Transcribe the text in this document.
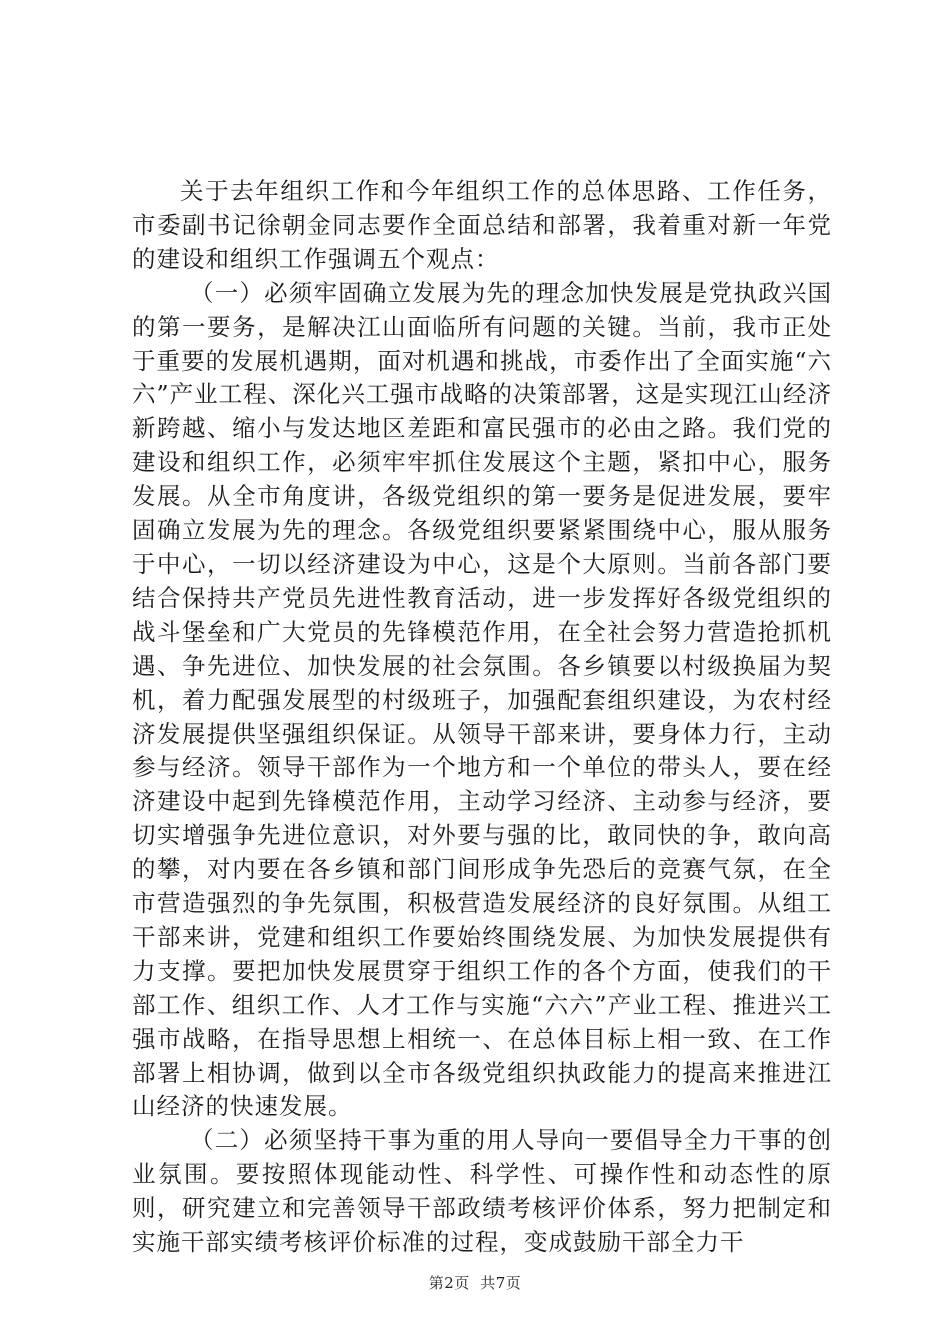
关于去年组织工作和今年组织工作的总体思路、工作任务，市委副书记徐朝金同志要作全面总结和部署，我着重对新一年党的建设和组织工作强调五个观点：

（一）必须牢固确立发展为先的理念加快发展是党执政兴国的第一要务，是解决江山面临所有问题的关键。当前，我市正处于重要的发展机遇期，面对机遇和挑战，市委作出了全面实施“六六”产业工程、深化兴工强市战略的决策部署，这是实现江山经济新跨越、缩小与发达地区差距和富民强市的必由之路。我们党的建设和组织工作，必须牢牢抓住发展这个主题，紧扣中心，服务发展。从全市角度讲，各级党组织的第一要务是促进发展，要牢固确立发展为先的理念。各级党组织要紧紧围绕中心，服从服务于中心，一切以经济建设为中心，这是个大原则。当前各部门要结合保持共产党员先进性教育活动，进一步发挥好各级党组织的战斗堡垒和广大党员的先锋模范作用，在全社会努力营造抢抓机遇、争先进位、加快发展的社会氛围。各乡镇要以村级换届为契机，着力配强发展型的村级班子，加强配套组织建设，为农村经济发展提供坚强组织保证。从领导干部来讲，要身体力行，主动参与经济。领导干部作为一个地方和一个单位的带头人，要在经济建设中起到先锋模范作用，主动学习经济、主动参与经济，要切实增强争先进位意识，对外要与强的比，敢同快的争，敢向高的攀，对内要在各乡镇和部门间形成争先恐后的竞赛气氛，在全市营造强烈的争先氛围，积极营造发展经济的良好氛围。从组工干部来讲，党建和组织工作要始终围绕发展、为加快发展提供有力支撑。要把加快发展贯穿于组织工作的各个方面，使我们的干部工作、组织工作、人才工作与实施“六六”产业工程、推进兴工强市战略，在指导思想上相统一、在总体目标上相一致、在工作部署上相协调，做到以全市各级党组织执政能力的提高来推进江山经济的快速发展。

（二）必须坚持干事为重的用人导向一要倡导全力干事的创业氛围。要按照体现能动性、科学性、可操作性和动态性的原则，研究建立和完善领导干部政绩考核评价体系，努力把制定和实施干部实绩考核评价标准的过程，变成鼓励干部全力干

第2页  共7页
